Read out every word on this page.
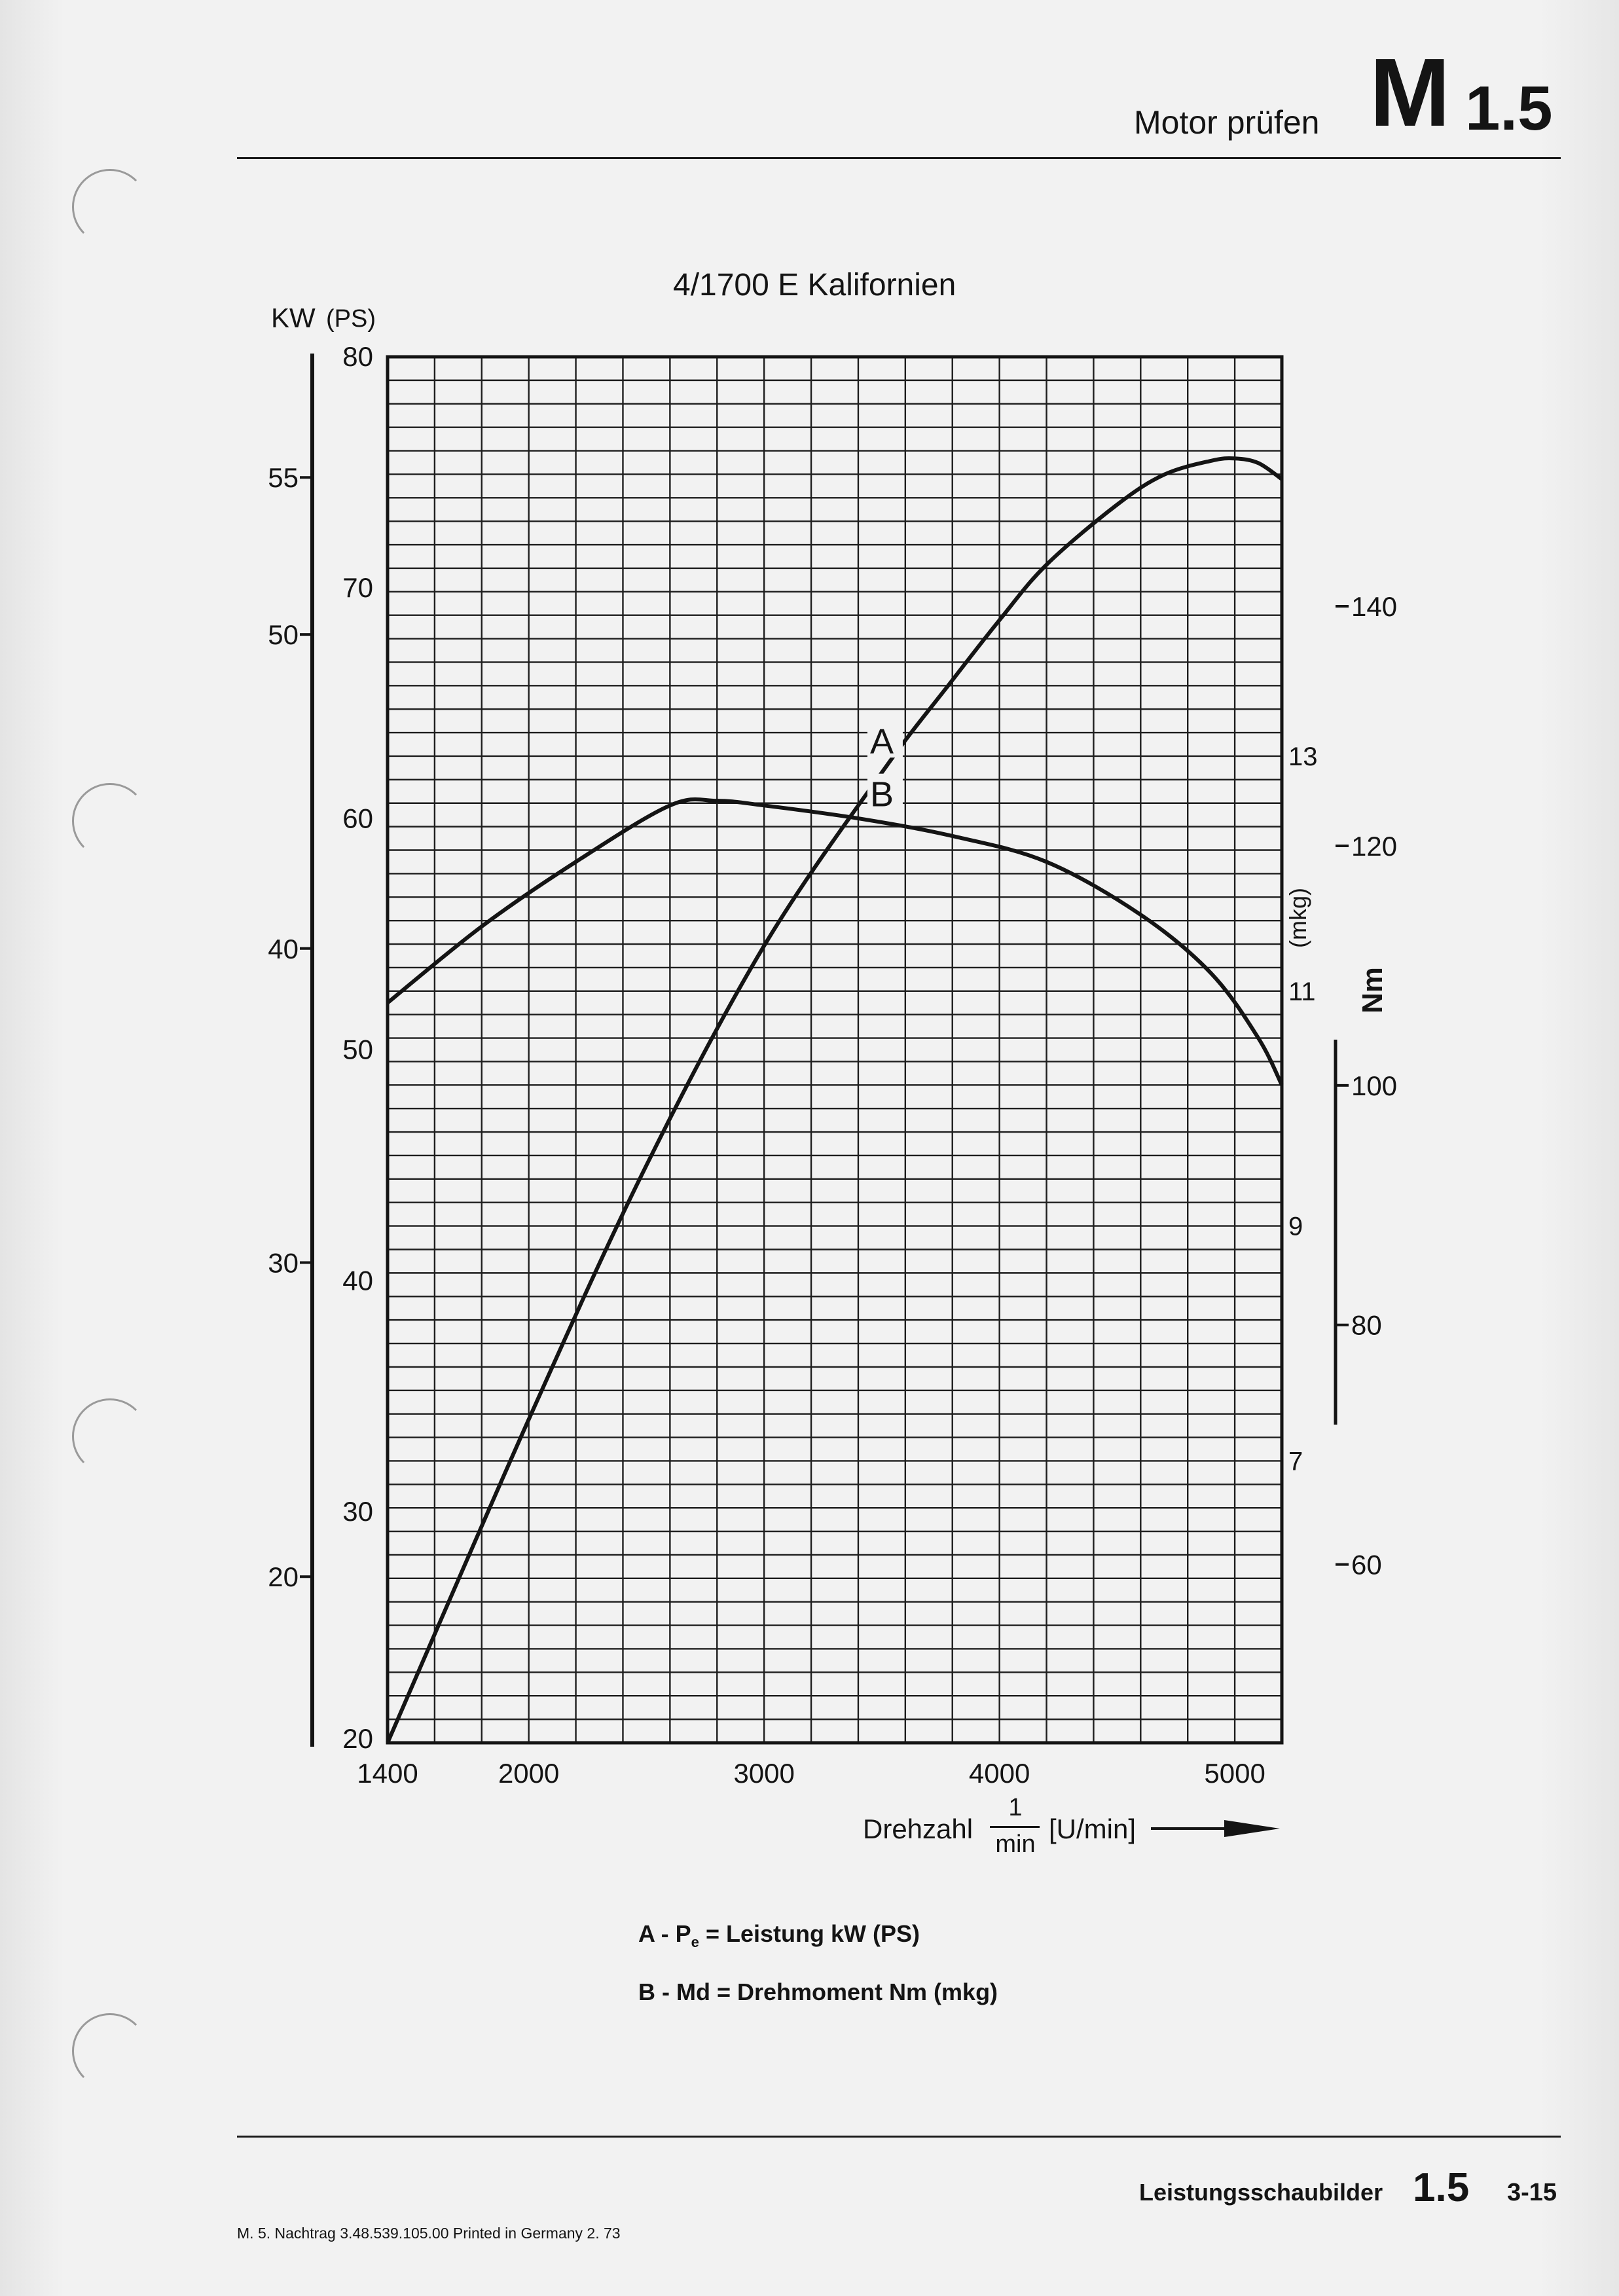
Motor prüfen M 1.5
4/1700 E Kalifornien
KW (PS)
(mkg)
Nm
Drehzahl
1
min [U/min]
A - $P_e$ = Leistung kW (PS)
B - Md = Drehmoment Nm (mkg)
Leistungsschaubilder 1.5 3-15
M. 5. Nachtrag 3.48.539.105.00 Printed in Germany 2. 73
1400	2000	3000	4000	5000
80
70
60
50
40
30
20
55
50
40
30
20
13
11
9
7
140
120
100
80
60
A
B
